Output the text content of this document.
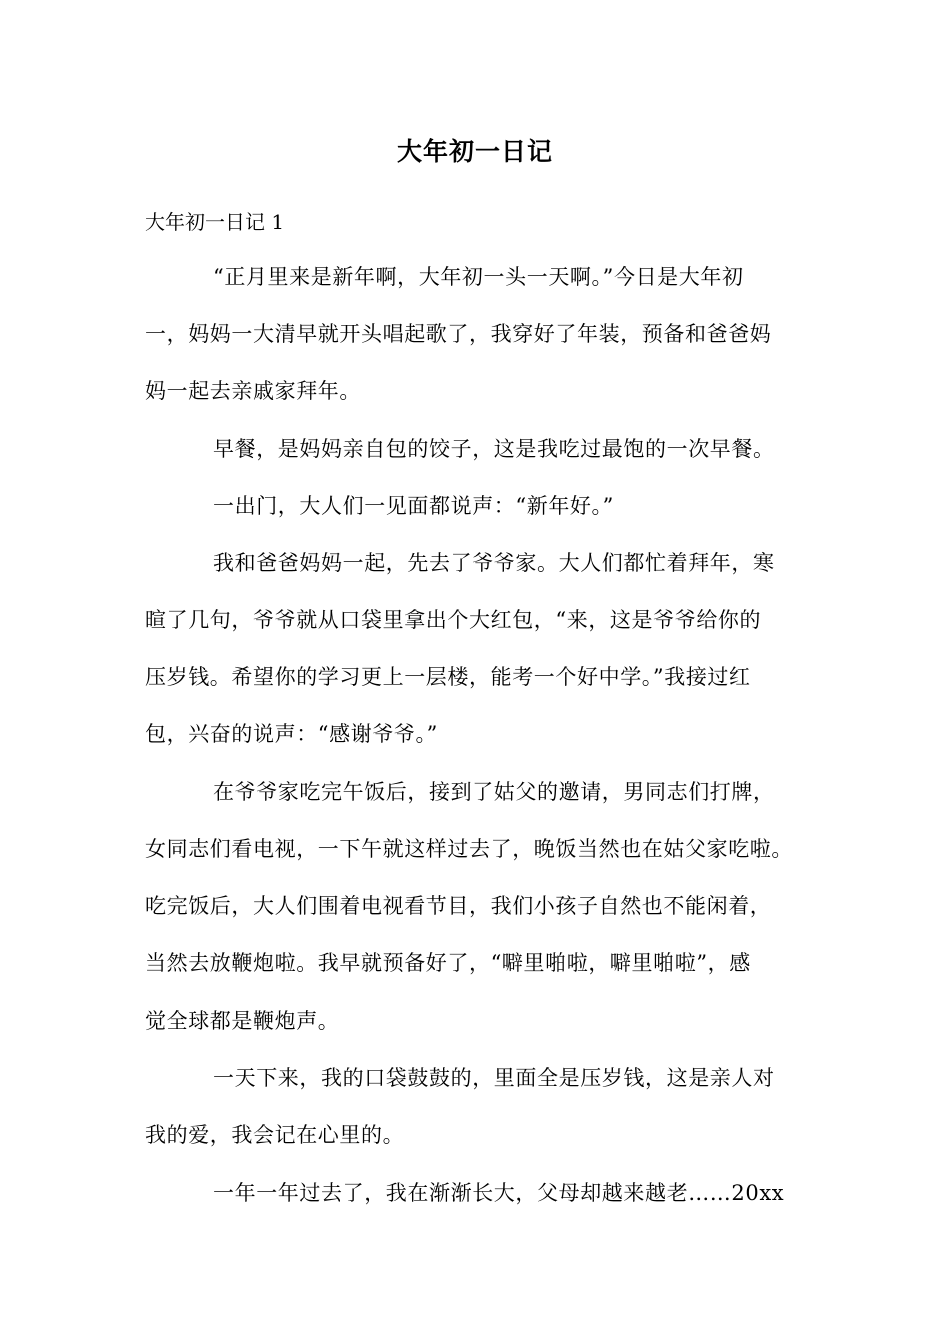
大年初一日记
大年初一日记 1
“正月里来是新年啊，大年初一头一天啊。”今日是大年初
一，妈妈一大清早就开头唱起歌了，我穿好了年装，预备和爸爸妈
妈一起去亲戚家拜年。
早餐，是妈妈亲自包的饺子，这是我吃过最饱的一次早餐。
一出门，大人们一见面都说声：“新年好。”
我和爸爸妈妈一起，先去了爷爷家。大人们都忙着拜年，寒
暄了几句，爷爷就从口袋里拿出个大红包，“来，这是爷爷给你的
压岁钱。希望你的学习更上一层楼，能考一个好中学。”我接过红
包，兴奋的说声：“感谢爷爷。”
在爷爷家吃完午饭后，接到了姑父的邀请，男同志们打牌，
女同志们看电视，一下午就这样过去了，晚饭当然也在姑父家吃啦。
吃完饭后，大人们围着电视看节目，我们小孩子自然也不能闲着，
当然去放鞭炮啦。我早就预备好了，“噼里啪啦，噼里啪啦”，感
觉全球都是鞭炮声。
一天下来，我的口袋鼓鼓的，里面全是压岁钱，这是亲人对
我的爱，我会记在心里的。
一年一年过去了，我在渐渐长大，父母却越来越老……20xx
